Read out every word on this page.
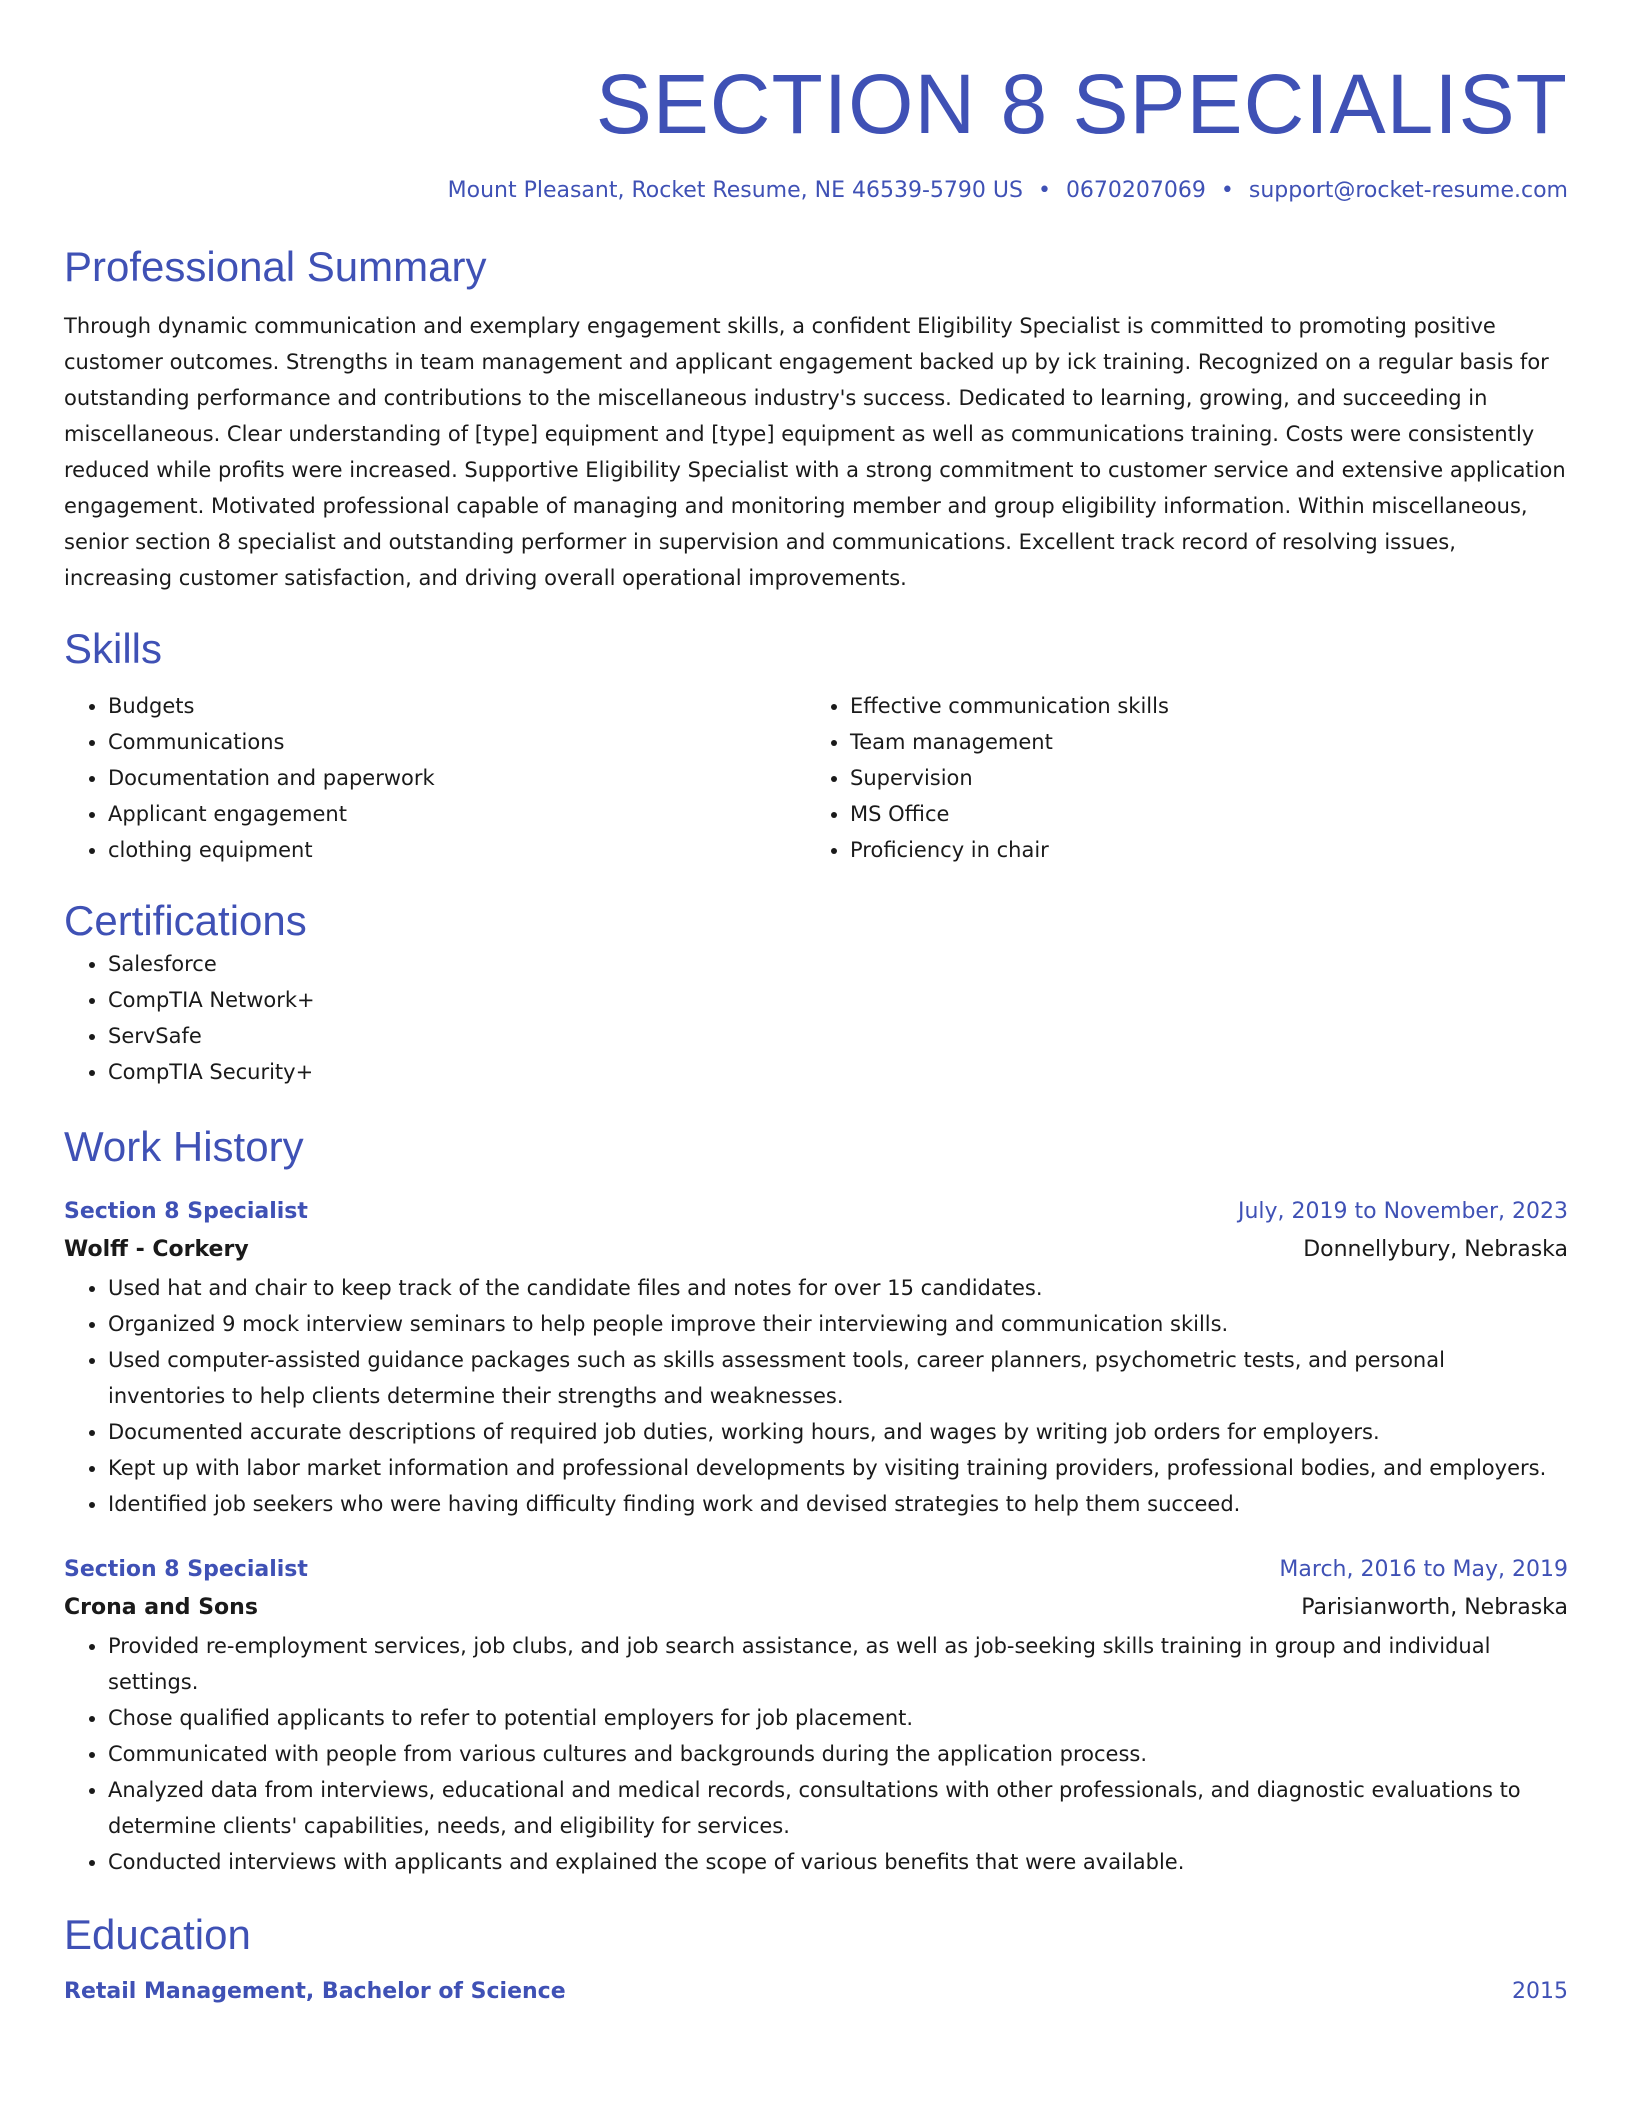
SECTION 8 SPECIALIST
Mount Pleasant, Rocket Resume, NE 46539-5790 US • 0670207069 • support@rocket-resume.com
Professional Summary

Through dynamic communication and exemplary engagement skills, a confident Eligibility Specialist is committed to promoting positive customer outcomes. Strengths in team management and applicant engagement backed up by ick training. Recognized on a regular basis for outstanding performance and contributions to the miscellaneous industry's success. Dedicated to learning, growing, and succeeding in miscellaneous. Clear understanding of [type] equipment and [type] equipment as well as communications training. Costs were consistently reduced while profits were increased. Supportive Eligibility Specialist with a strong commitment to customer service and extensive application engagement. Motivated professional capable of managing and monitoring member and group eligibility information. Within miscellaneous, senior section 8 specialist and outstanding performer in supervision and communications. Excellent track record of resolving issues, increasing customer satisfaction, and driving overall operational improvements.

Skills
• Budgets
• Communications
• Documentation and paperwork
• Applicant engagement
• clothing equipment
• Effective communication skills
• Team management
• Supervision
• MS Office
• Proficiency in chair
Certifications
• Salesforce
• CompTIA Network+
• ServSafe
• CompTIA Security+
Work History
Section 8 Specialist	July, 2019 to November, 2023
Wolff - Corkery	Donnellybury, Nebraska
• Used hat and chair to keep track of the candidate files and notes for over 15 candidates.
• Organized 9 mock interview seminars to help people improve their interviewing and communication skills.
• Used computer-assisted guidance packages such as skills assessment tools, career planners, psychometric tests, and personal inventories to help clients determine their strengths and weaknesses.
• Documented accurate descriptions of required job duties, working hours, and wages by writing job orders for employers.
• Kept up with labor market information and professional developments by visiting training providers, professional bodies, and employers.
• Identified job seekers who were having difficulty finding work and devised strategies to help them succeed.
Section 8 Specialist	March, 2016 to May, 2019
Crona and Sons	Parisianworth, Nebraska
• Provided re-employment services, job clubs, and job search assistance, as well as job-seeking skills training in group and individual settings.
• Chose qualified applicants to refer to potential employers for job placement.
• Communicated with people from various cultures and backgrounds during the application process.
• Analyzed data from interviews, educational and medical records, consultations with other professionals, and diagnostic evaluations to determine clients' capabilities, needs, and eligibility for services.
• Conducted interviews with applicants and explained the scope of various benefits that were available.
Education
Retail Management, Bachelor of Science	2015
